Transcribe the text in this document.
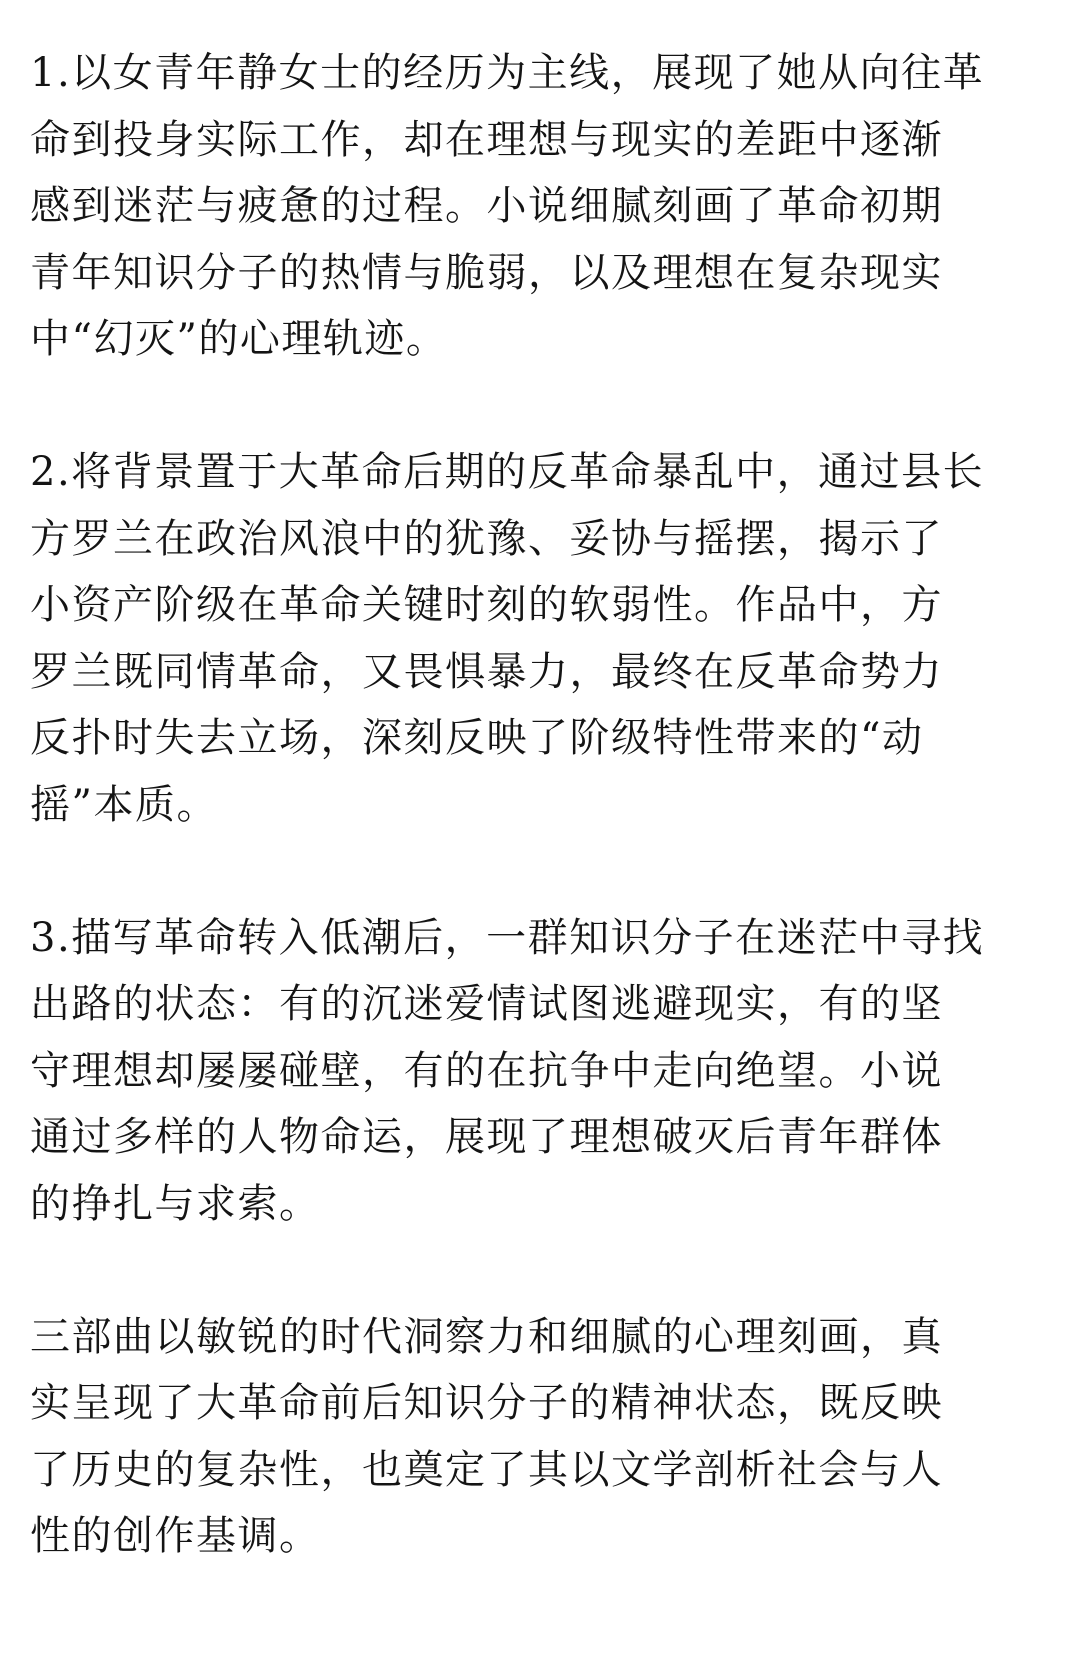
1.以女青年静女士的经历为主线，展现了她从向往革
命到投身实际工作，却在理想与现实的差距中逐渐
感到迷茫与疲惫的过程。小说细腻刻画了革命初期
青年知识分子的热情与脆弱，以及理想在复杂现实
中“幻灭”的心理轨迹。

2.将背景置于大革命后期的反革命暴乱中，通过县长
方罗兰在政治风浪中的犹豫、妥协与摇摆，揭示了
小资产阶级在革命关键时刻的软弱性。作品中，方
罗兰既同情革命，又畏惧暴力，最终在反革命势力
反扑时失去立场，深刻反映了阶级特性带来的“动
摇”本质。

3.描写革命转入低潮后，一群知识分子在迷茫中寻找
出路的状态：有的沉迷爱情试图逃避现实，有的坚
守理想却屡屡碰壁，有的在抗争中走向绝望。小说
通过多样的人物命运，展现了理想破灭后青年群体
的挣扎与求索。

三部曲以敏锐的时代洞察力和细腻的心理刻画，真
实呈现了大革命前后知识分子的精神状态，既反映
了历史的复杂性，也奠定了其以文学剖析社会与人
性的创作基调。
